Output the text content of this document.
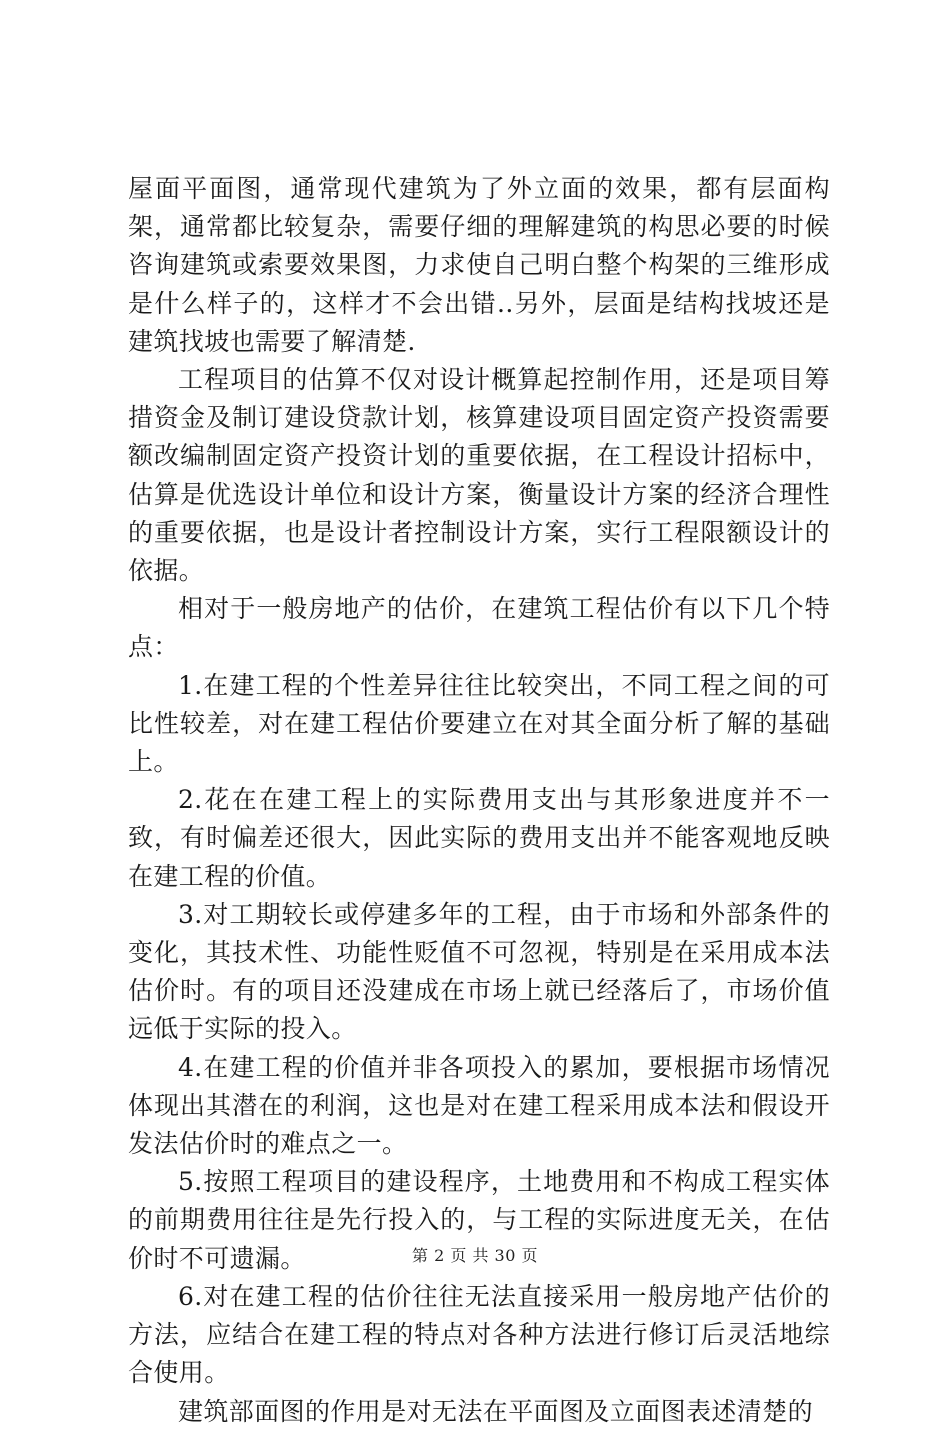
屋面平面图，通常现代建筑为了外立面的效果，都有层面构架，通常都比较复杂，需要仔细的理解建筑的构思必要的时候咨询建筑或索要效果图，力求使自己明白整个构架的三维形成是什么样子的，这样才不会出错..另外，层面是结构找坡还是建筑找坡也需要了解清楚.

工程项目的估算不仅对设计概算起控制作用，还是项目筹措资金及制订建设贷款计划，核算建设项目固定资产投资需要额改编制固定资产投资计划的重要依据，在工程设计招标中，估算是优选设计单位和设计方案，衡量设计方案的经济合理性的重要依据，也是设计者控制设计方案，实行工程限额设计的依据。

相对于一般房地产的估价，在建筑工程估价有以下几个特点：

1.在建工程的个性差异往往比较突出，不同工程之间的可比性较差，对在建工程估价要建立在对其全面分析了解的基础上。

2.花在在建工程上的实际费用支出与其形象进度并不一致，有时偏差还很大，因此实际的费用支出并不能客观地反映在建工程的价值。

3.对工期较长或停建多年的工程，由于市场和外部条件的变化，其技术性、功能性贬值不可忽视，特别是在采用成本法估价时。有的项目还没建成在市场上就已经落后了，市场价值远低于实际的投入。

4.在建工程的价值并非各项投入的累加，要根据市场情况体现出其潜在的利润，这也是对在建工程采用成本法和假设开发法估价时的难点之一。

5.按照工程项目的建设程序，土地费用和不构成工程实体的前期费用往往是先行投入的，与工程的实际进度无关，在估价时不可遗漏。

6.对在建工程的估价往往无法直接采用一般房地产估价的方法，应结合在建工程的特点对各种方法进行修订后灵活地综合使用。

建筑部面图的作用是对无法在平面图及立面图表述清楚的

第 2 页 共 30 页
